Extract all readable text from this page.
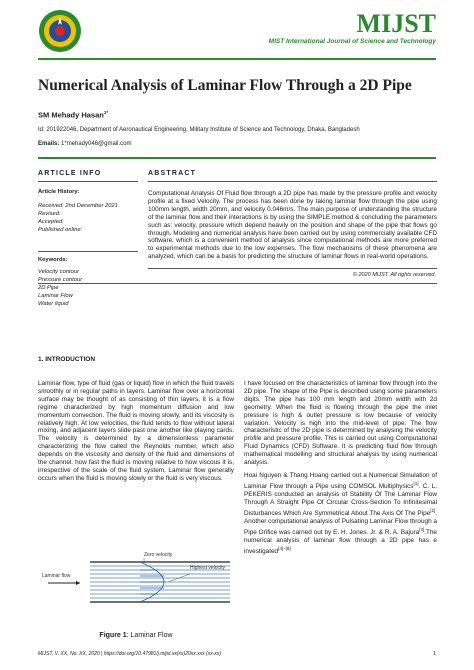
MIJST
MIST International Journal of Science and Technology
Numerical Analysis of Laminar Flow Through a 2D Pipe
SM Mehady Hasan$^{1*}$
Id: 201922046, Department of Aeronautical Engineering, Military Institute of Science and Technology, Dhaka, Bangladesh
Emails: 1*mehady046@gmail.com
ARTICLE INFO	ABSTRACT
Article History:
Received: 2nd December 2021
Revised:
Accepted:
Published online:
Keywords:
Velocity contour
Pressure contour
2D Pipe
Laminar Flow
Water liquid
Computational Analysis Of Fluid flow through a 2D pipe has made by the pressure profile and velocity profile at a fixed Velocity. The process has been done by taking laminar flow through the pipe using 100mm length, width 20mm, and velocity 0.046m/s. The main purpose of understanding the structure of the laminar flow and their interactions is by using the SIMPLE method & concluding the parameters such as: velocity, pressure which depend heavily on the position and shape of the pipe that flows go through. Modeling and numerical analysis have been carried out by using commercially available CFD software, which is a convenient method of analysis since computational methods are more preferred to experimental methods due to the low expenses. The flow mechanisms of these phenomena are analyzed, which can be a basis for predicting the structure of laminar flows in real-world operations.
© 2020 MIJST. All rights reserved.
1. INTRODUCTION

Laminar flow, type of fluid (gas or liquid) flow in which the fluid travels smoothly or in regular paths in layers. Laminar flow over a horizontal surface may be thought of as consisting of thin layers, it is a flow regime characterized by high momentum diffusion and low momentum convection. The fluid is moving slowly, and its viscosity is relatively high. At low velocities, the fluid tends to flow without lateral mixing, and adjacent layers slide past one another like playing cards. The velocity is determined by a dimensionless parameter characterizing the flow called the Reynolds number, which also depends on the viscosity and density of the fluid and dimensions of the channel. how fast the fluid is moving relative to how viscous it is, irrespective of the scale of the fluid system. Laminar flow generally occurs when the fluid is moving slowly or the fluid is very viscous.

I have focused on the characteristics of laminar flow through into the 2D pipe. The shape of the Pipe is described using some parameters digits. The pipe has 100 mm length and 20mm width with 2d geometry. When the fluid is flowing through the pipe the inlet pressure is high & outlet pressure is low because of velocity variation. Velocity is high into the mid-level of pipe. The flow characteristic of the 2D pipe is determined by analysing the velocity profile and pressure profile. This is carried out using Computational Fluid Dynamics (CFD) Software. It is predicting fluid flow through mathematical modelling and structural analysis by using numerical analysis.

Hoai Nguyen & Thang Hoang carried out a Numerical Simulation of Laminar Flow through a Pipe using COMSOL Multiphysics[1]. C. L. PEKERIS conducted an analysis of Stability Of The Laminar Flow Through A Straight Pipe Of Circular Cross-Section To Infinitesimal Disturbances Which Are Symmetrical About The Axis Of The Pipe[2]. Another computational analysis of Pulsating Laminar Flow through a Pipe Orifice was carried out by E. H. Jones. Jr. & R. A. Bajura[3].The numerical analysis of laminar flow through a 2D pipe has e investigated[4]–[8]

Zero velocity
Highest velocity
Laminar flow
Figure 1: Laminar Flow
MIJST, V. XX, No. XX, 2020 | https://doi.org/10.47981/j.mijst.xx(xx)20xx.xxx (xx-xx)	1
